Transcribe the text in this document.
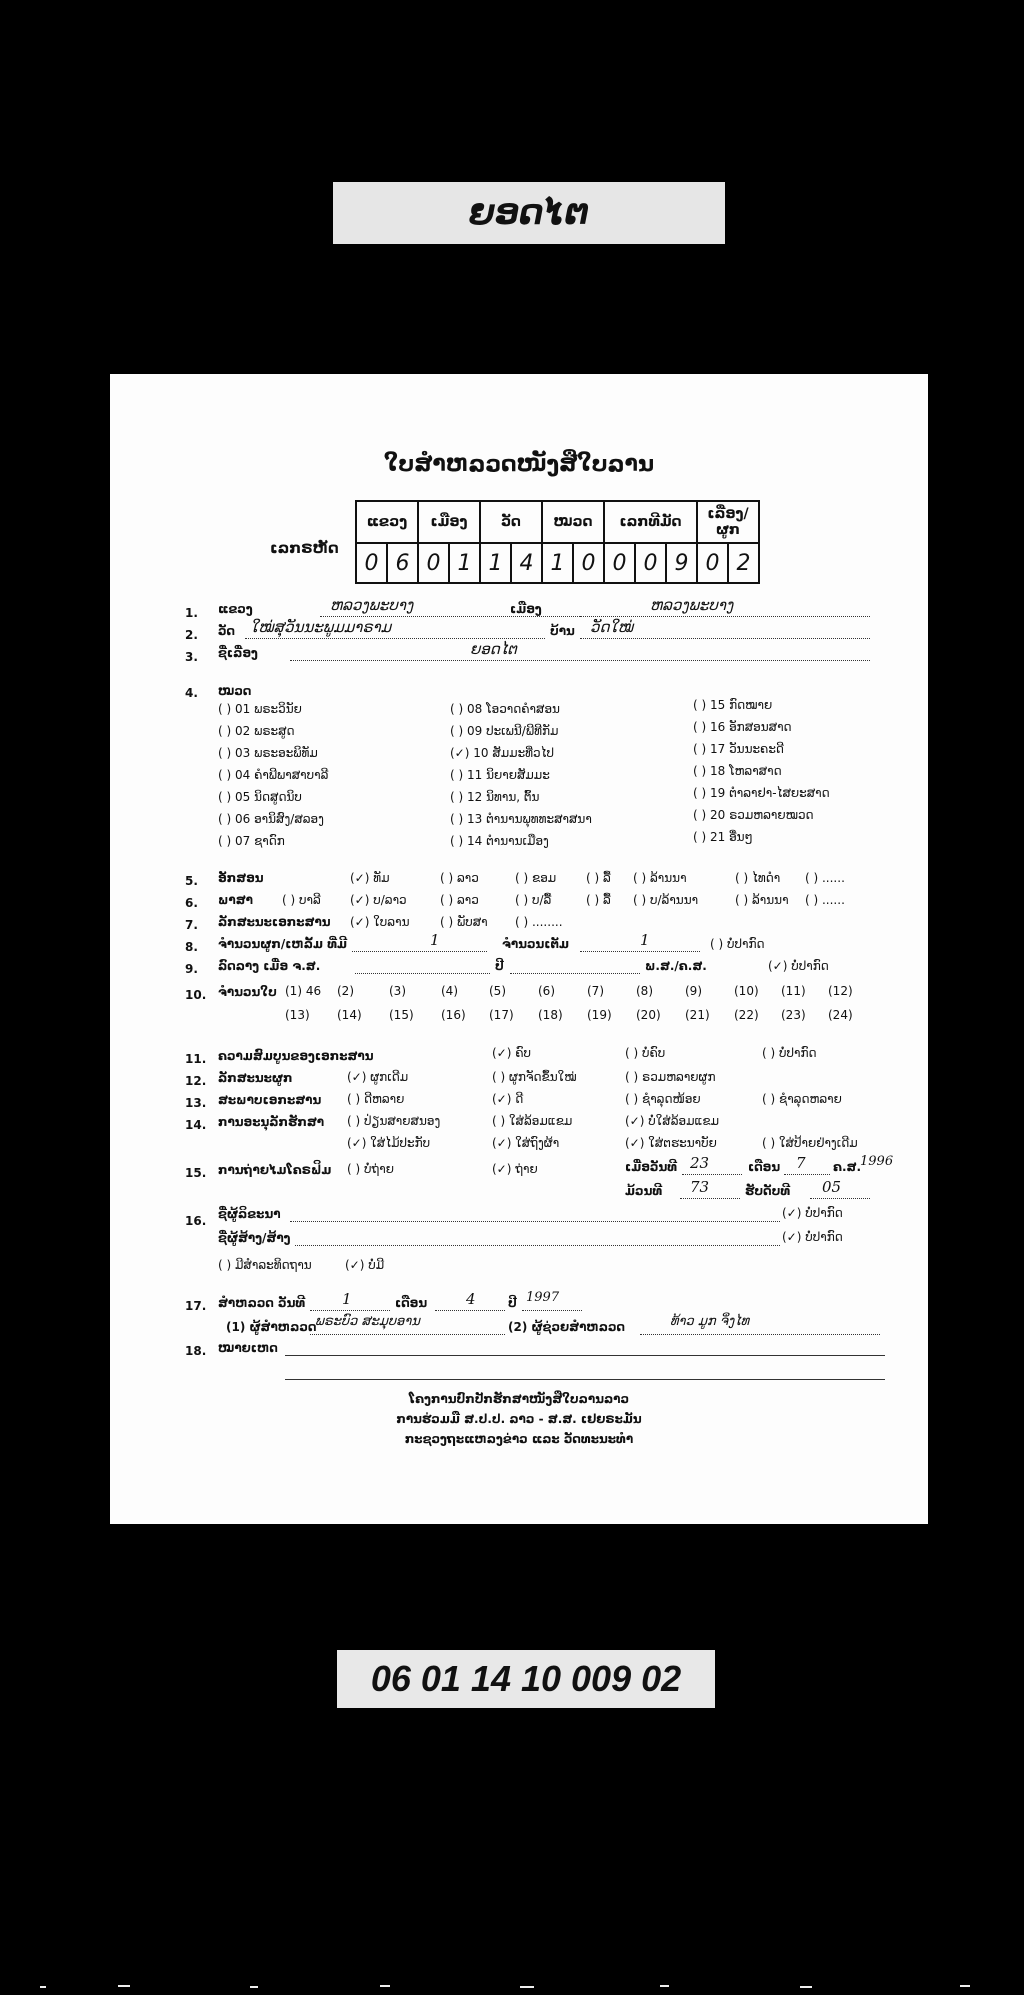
ຍອດໄຕ
ໃບສໍາຫລວດໜັງສືໃບລານ
ເລກຣຫັດ
ແຂວງ		ເມືອງ		ວັດ		ໝວດ		ເລກທີມັດ			ເລື່ອງ/ຜູກ	
0	6	0	1	1	4	1	0	0	0	9	0	2
1. ແຂວງ	ຫລວງພະບາງ	ເມືອງ	ຫລວງພະບາງ
2. ວັດ ໃໝ່ສຸວັນນະພູມມາຣາມ	ບ້ານ ວັດໃໝ່
3. ຊື່ເລື່ອງ	ຍອດໄຕ
4. ໝວດ
( ) 01 ພຣະວິນັຍ
( ) 02 ພຣະສູດ
( ) 03 ພຣະອະພິທັມ
( ) 04 ຄຳພີພາສາບາລີ
( ) 05 ນິດສູດນິບ
( ) 06 ອານິສົງ/ສລອງ
( ) 07 ຊາດົກ
( ) 08 ໂອວາດຄຳສອນ
( ) 09 ປະເພນີ/ພີທີກັມ
(✓) 10 ສັມມະທີ່ວໄປ
( ) 11 ນິຍາຍສັມມະ
( ) 12 ນິທານ, ຕົ້ນ
( ) 13 ຕຳນານພຸທທະສາສນາ
( ) 14 ຕຳນານເມືອງ
( ) 15 ກົດໝາຍ
( ) 16 ອັກສອນສາດ
( ) 17 ວັນນະຄະດີ
( ) 18 ໂຫລາສາດ
( ) 19 ຕຳລາຢາ-ໄສຍະສາດ
( ) 20 ຣວມຫລາຍໝວດ
( ) 21 ອື່ນໆ
5. ອັກສອນ	(✓) ທັມ	( ) ລາວ	( ) ຂອມ ( ) ລື້ ( ) ລ້ານນາ	( ) ໄທດຳ ( ) ......
6. ພາສາ ( ) ບາລີ (✓) ບ/ລາວ	( ) ລາວ	( ) ບ/ລື້	( ) ລື້ ( ) ບ/ລ້ານນາ	( ) ລ້ານນາ ( ) ......
7. ລັກສະນະເອກະສານ (✓) ໃບລານ	( ) ພັບສາ ( ) ........
8. ຈຳນວນຜູກ/ເຫລັ້ມ ທີ່ມີ	1	ຈຳນວນເຕັມ	1	( ) ບໍ່ປາກົດ
9. ລົດລາງ ເມື່ອ ຈ.ສ.	ປີ	ພ.ສ./ຄ.ສ.	(✓) ບໍ່ປາກົດ
10. ຈຳນວນໃບ (1) 46 (2)	(3)	(4)	(5)	(6)	(7)	(8)	(9)	(10) (11) (12)
(13) (14) (15) (16) (17) (18) (19) (20) (21) (22) (23) (24)
11. ຄວາມສົມບູນຂອງເອກະສານ	(✓) ຄົບ	( ) ບໍ່ຄົບ	( ) ບໍ່ປາກົດ
12. ລັກສະນະຜູກ	(✓) ຜູກເດີມ	( ) ຜູກຈັດຂຶ້ນໃໝ່	( ) ຣວມຫລາຍຜູກ
13. ສະພາບເອກະສານ ( ) ດີຫລາຍ	(✓) ດີ	( ) ຊຳລຸດໜ້ອຍ	( ) ຊຳລຸດຫລາຍ
14. ການອະນຸລັກຮັກສາ ( ) ປ່ຽນສາຍສນອງ	( ) ໃສ່ລ້ອມແຂມ	(✓) ບໍ່ໃສ່ລ້ອມແຂມ
(✓) ໃສ່ໄມ້ປະກັບ	(✓) ໃສ່ຖົງຜ້າ	(✓) ໃສ່ຕຮະນາບັຍ	( ) ໃສ່ປ້າຍຢ່າງເດີມ
15. ການຖ່າຍໄມໂຄຣຟິມ ( ) ບໍ່ຖ່າຍ	(✓) ຖ່າຍ	ເມື່ອວັນທີ 23	ເດືອນ 7 ຄ.ສ.
1996
ມ້ວນທີ 73	ຮັບດັບທີ 05
16. ຊື່ຜູ້ລິຂະນາ	(✓) ບໍ່ປາກົດ
ຊື່ຜູ້ສ້າງ/ສ້າງ	(✓) ບໍ່ປາກົດ
( ) ມີສໍາລະທິດຖານ	(✓) ບໍ່ມີ
17. ສໍາຫລວດ ວັນທີ 1	ເດືອນ	4	ປີ 1997
(1) ຜູ້ສໍາຫລວດ
ພຣະບົວ ສະມຸບອານ	(2) ຜູ້ຊ່ວຍສຳຫລວດ	ທ້າວ ມູກ ຈິ່ງໄທ
18. ໝາຍເຫດ
ໂຄງການປົກປັກຮັກສາໜັງສືໃບລານລາວ
ການຮ່ວມມື ສ.ປ.ປ. ລາວ - ສ.ສ. ເຢຍຣະມັນ
ກະຊວງຖະແຫລງຂ່າວ ແລະ ວັດທະນະທຳ
06 01 14 10 009 02
